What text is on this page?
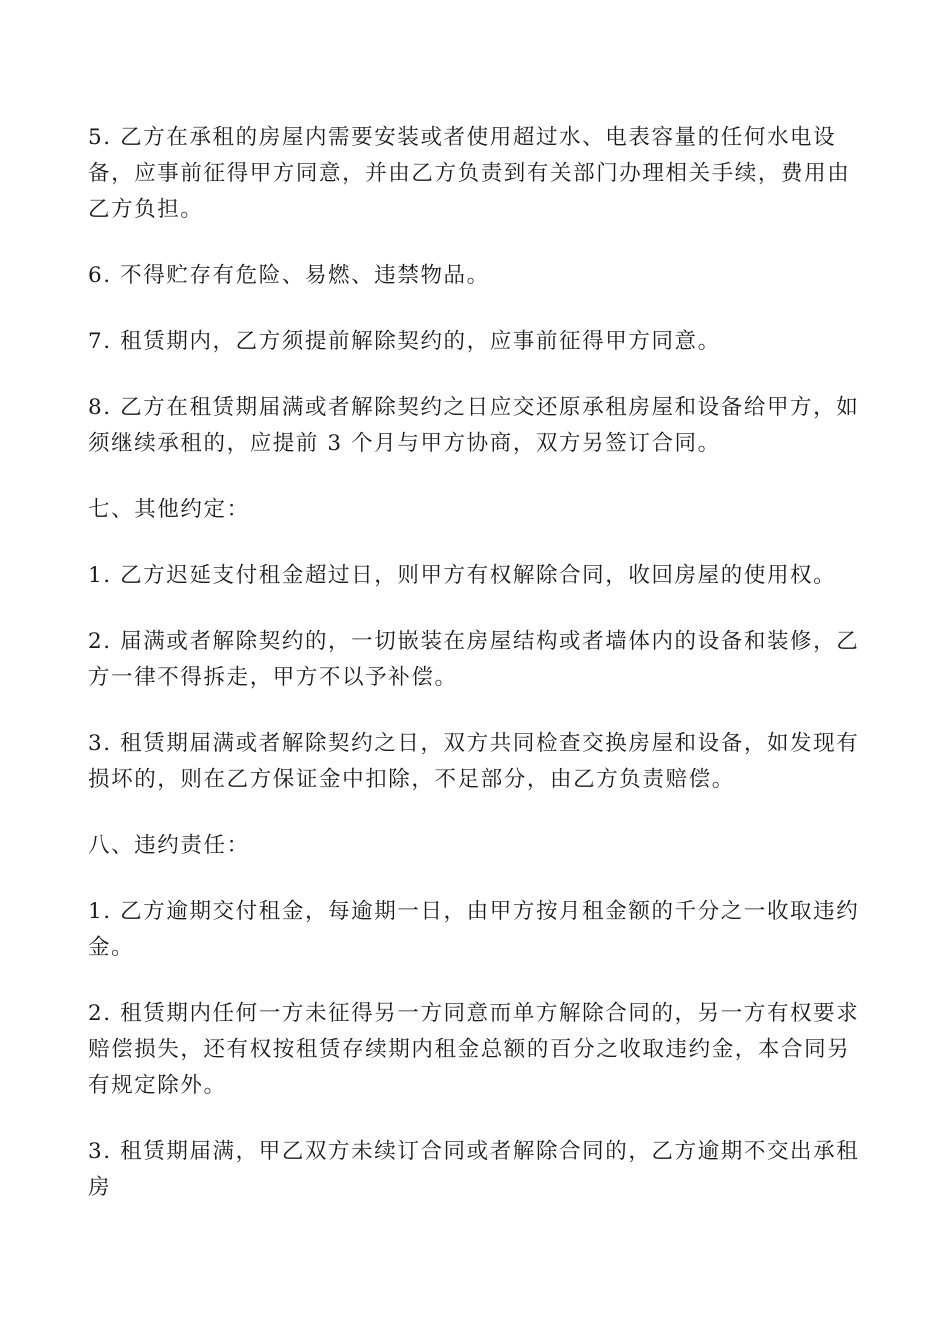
5. 乙方在承租的房屋内需要安装或者使用超过水、电表容量的任何水电设备，应事前征得甲方同意，并由乙方负责到有关部门办理相关手续，费用由乙方负担。

6. 不得贮存有危险、易燃、违禁物品。

7. 租赁期内，乙方须提前解除契约的，应事前征得甲方同意。

8. 乙方在租赁期届满或者解除契约之日应交还原承租房屋和设备给甲方，如须继续承租的，应提前 3 个月与甲方协商，双方另签订合同。

七、其他约定：

1. 乙方迟延支付租金超过日，则甲方有权解除合同，收回房屋的使用权。

2. 届满或者解除契约的，一切嵌装在房屋结构或者墙体内的设备和装修，乙方一律不得拆走，甲方不以予补偿。

3. 租赁期届满或者解除契约之日，双方共同检查交换房屋和设备，如发现有损坏的，则在乙方保证金中扣除，不足部分，由乙方负责赔偿。

八、违约责任：

1. 乙方逾期交付租金，每逾期一日，由甲方按月租金额的千分之一收取违约金。

2. 租赁期内任何一方未征得另一方同意而单方解除合同的，另一方有权要求赔偿损失，还有权按租赁存续期内租金总额的百分之收取违约金，本合同另有规定除外。

3. 租赁期届满，甲乙双方未续订合同或者解除合同的，乙方逾期不交出承租房
